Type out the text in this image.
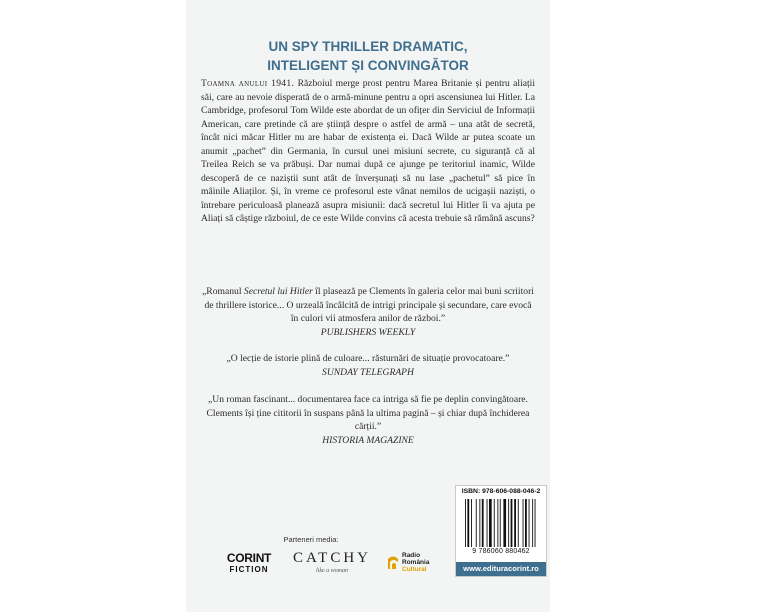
UN SPY THRILLER DRAMATIC,
INTELIGENT ȘI CONVINGĂTOR
Toamna anului 1941. Războiul merge prost pentru Marea Britanie și pentru aliații săi, care au nevoie disperată de o armă-minune pentru a opri ascensiunea lui Hitler. La Cambridge, profesorul Tom Wilde este abordat de un ofițer din Serviciul de Informații American, care pretinde că are știință despre o astfel de armă – una atât de secretă, încât nici măcar Hitler nu are habar de existența ei. Dacă Wilde ar putea scoate un anumit „pachet” din Germania, în cursul unei misiuni secrete, cu siguranță că al Treilea Reich se va prăbuși. Dar numai după ce ajunge pe teritoriul inamic, Wilde descoperă de ce naziștii sunt atât de înverșunați să nu lase „pachetul” să pice în mâinile Aliaților. Și, în vreme ce profesorul este vânat nemilos de ucigașii naziști, o întrebare periculoasă planează asupra misiunii: dacă secretul lui Hitler îi va ajuta pe Aliați să câștige războiul, de ce este Wilde convins că acesta trebuie să rămână ascuns?
„Romanul Secretul lui Hitler îl plasează pe Clements în galeria celor mai buni scriitori de thrillere istorice... O urzeală încâlcită de intrigi principale și secundare, care evocă în culori vii atmosfera anilor de război.”
PUBLISHERS WEEKLY
„O lecție de istorie plină de culoare... răsturnări de situație provocatoare.”
SUNDAY TELEGRAPH
„Un roman fascinant... documentarea face ca intriga să fie pe deplin convingătoare. Clements își ține cititorii în suspans până la ultima pagină – și chiar după închiderea cărții.”
HISTORIA MAGAZINE
Parteneri media:
CORINT
FICTION
CATCHY
like a woman
Radio
România
Cultural
ISBN: 978-606-088-046-2
9 786060 880462
www.edituracorint.ro
